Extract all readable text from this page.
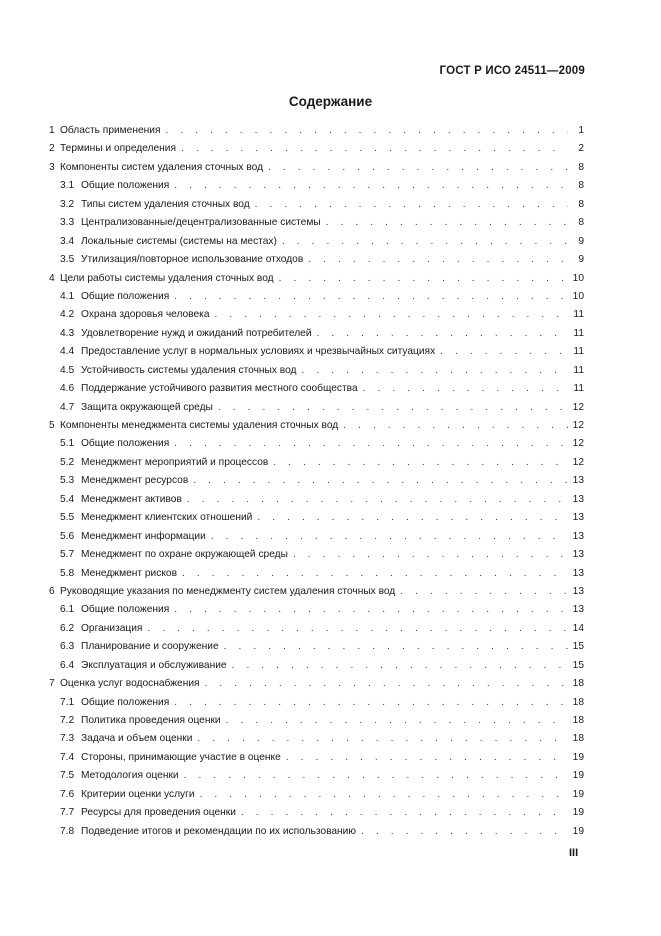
ГОСТ Р ИСО 24511—2009
Содержание
1 Область применения . . .	1
2 Термины и определения . . .	2
3 Компоненты систем удаления сточных вод . . .	8
3.1 Общие положения . . .	8
3.2 Типы систем удаления сточных вод . . .	8
3.3 Централизованные/децентрализованные системы . . .	8
3.4 Локальные системы (системы на местах) . . .	9
3.5 Утилизация/повторное использование отходов . . .	9
4 Цели работы системы удаления сточных вод . . .	10
4.1 Общие положения . . .	10
4.2 Охрана здоровья человека . . .	11
4.3 Удовлетворение нужд и ожиданий потребителей . . .	11
4.4 Предоставление услуг в нормальных условиях и чрезвычайных ситуациях . . .	11
4.5 Устойчивость системы удаления сточных вод . . .	11
4.6 Поддержание устойчивого развития местного сообщества . . .	11
4.7 Защита окружающей среды . . .	12
5 Компоненты менеджмента системы удаления сточных вод . . .	12
5.1 Общие положения . . .	12
5.2 Менеджмент мероприятий и процессов . . .	12
5.3 Менеджмент ресурсов . . .	13
5.4 Менеджмент активов . . .	13
5.5 Менеджмент клиентских отношений . . .	13
5.6 Менеджмент информации . . .	13
5.7 Менеджмент по охране окружающей среды . . .	13
5.8 Менеджмент рисков . . .	13
6 Руководящие указания по менеджменту систем удаления сточных вод . . .	13
6.1 Общие положения . . .	13
6.2 Организация . . .	14
6.3 Планирование и сооружение . . .	15
6.4 Эксплуатация и обслуживание . . .	15
7 Оценка услуг водоснабжения . . .	18
7.1 Общие положения . . .	18
7.2 Политика проведения оценки . . .	18
7.3 Задача и объем оценки . . .	18
7.4 Стороны, принимающие участие в оценке . . .	19
7.5 Методология оценки . . .	19
7.6 Критерии оценки услуги . . .	19
7.7 Ресурсы для проведения оценки . . .	19
7.8 Подведение итогов и рекомендации по их использованию . . .	19
III
